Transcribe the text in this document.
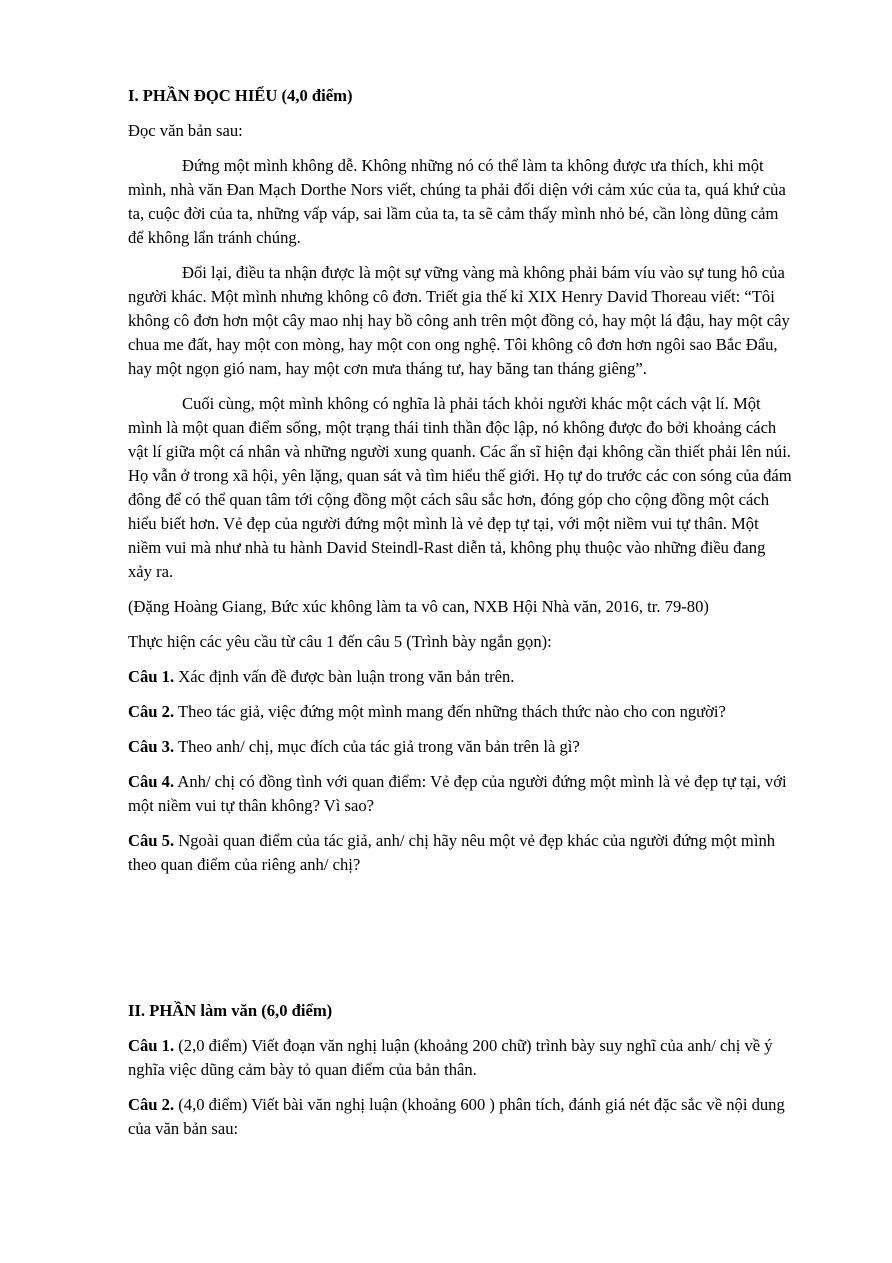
I. PHẦN ĐỌC HIỂU (4,0 điểm)

Đọc văn bản sau:

Đứng một mình không dễ. Không những nó có thể làm ta không được ưa thích, khi một mình, nhà văn Đan Mạch Dorthe Nors viết, chúng ta phải đối diện với cảm xúc của ta, quá khứ của ta, cuộc đời của ta, những vấp váp, sai lầm của ta, ta sẽ cảm thấy mình nhỏ bé, cần lòng dũng cảm để không lẩn tránh chúng.

Đổi lại, điều ta nhận được là một sự vững vàng mà không phải bám víu vào sự tung hô của người khác. Một mình nhưng không cô đơn. Triết gia thế kỉ XIX Henry David Thoreau viết: “Tôi không cô đơn hơn một cây mao nhị hay bồ công anh trên một đồng cỏ, hay một lá đậu, hay một cây chua me đất, hay một con mòng, hay một con ong nghệ. Tôi không cô đơn hơn ngôi sao Bắc Đẩu, hay một ngọn gió nam, hay một cơn mưa tháng tư, hay băng tan tháng giêng”.

Cuối cùng, một mình không có nghĩa là phải tách khỏi người khác một cách vật lí. Một mình là một quan điểm sống, một trạng thái tinh thần độc lập, nó không được đo bởi khoảng cách vật lí giữa một cá nhân và những người xung quanh. Các ẩn sĩ hiện đại không cần thiết phải lên núi. Họ vẫn ở trong xã hội, yên lặng, quan sát và tìm hiểu thế giới. Họ tự do trước các con sóng của đám đông để có thể quan tâm tới cộng đồng một cách sâu sắc hơn, đóng góp cho cộng đồng một cách hiểu biết hơn. Vẻ đẹp của người đứng một mình là vẻ đẹp tự tại, với một niềm vui tự thân. Một niềm vui mà như nhà tu hành David Steindl-Rast diễn tả, không phụ thuộc vào những điều đang xảy ra.

(Đặng Hoàng Giang, Bức xúc không làm ta vô can, NXB Hội Nhà văn, 2016, tr. 79-80)

Thực hiện các yêu cầu từ câu 1 đến câu 5 (Trình bày ngắn gọn):

Câu 1. Xác định vấn đề được bàn luận trong văn bản trên.

Câu 2. Theo tác giả, việc đứng một mình mang đến những thách thức nào cho con người?

Câu 3. Theo anh/ chị, mục đích của tác giả trong văn bản trên là gì?

Câu 4. Anh/ chị có đồng tình với quan điểm: Vẻ đẹp của người đứng một mình là vẻ đẹp tự tại, với một niềm vui tự thân không? Vì sao?

Câu 5. Ngoài quan điểm của tác giả, anh/ chị hãy nêu một vẻ đẹp khác của người đứng một mình theo quan điểm của riêng anh/ chị?

II. PHẦN làm văn (6,0 điểm)

Câu 1. (2,0 điểm) Viết đoạn văn nghị luận (khoảng 200 chữ) trình bày suy nghĩ của anh/ chị về ý nghĩa việc dũng cảm bày tỏ quan điểm của bản thân.

Câu 2. (4,0 điểm) Viết bài văn nghị luận (khoảng 600 ) phân tích, đánh giá nét đặc sắc về nội dung của văn bản sau:
